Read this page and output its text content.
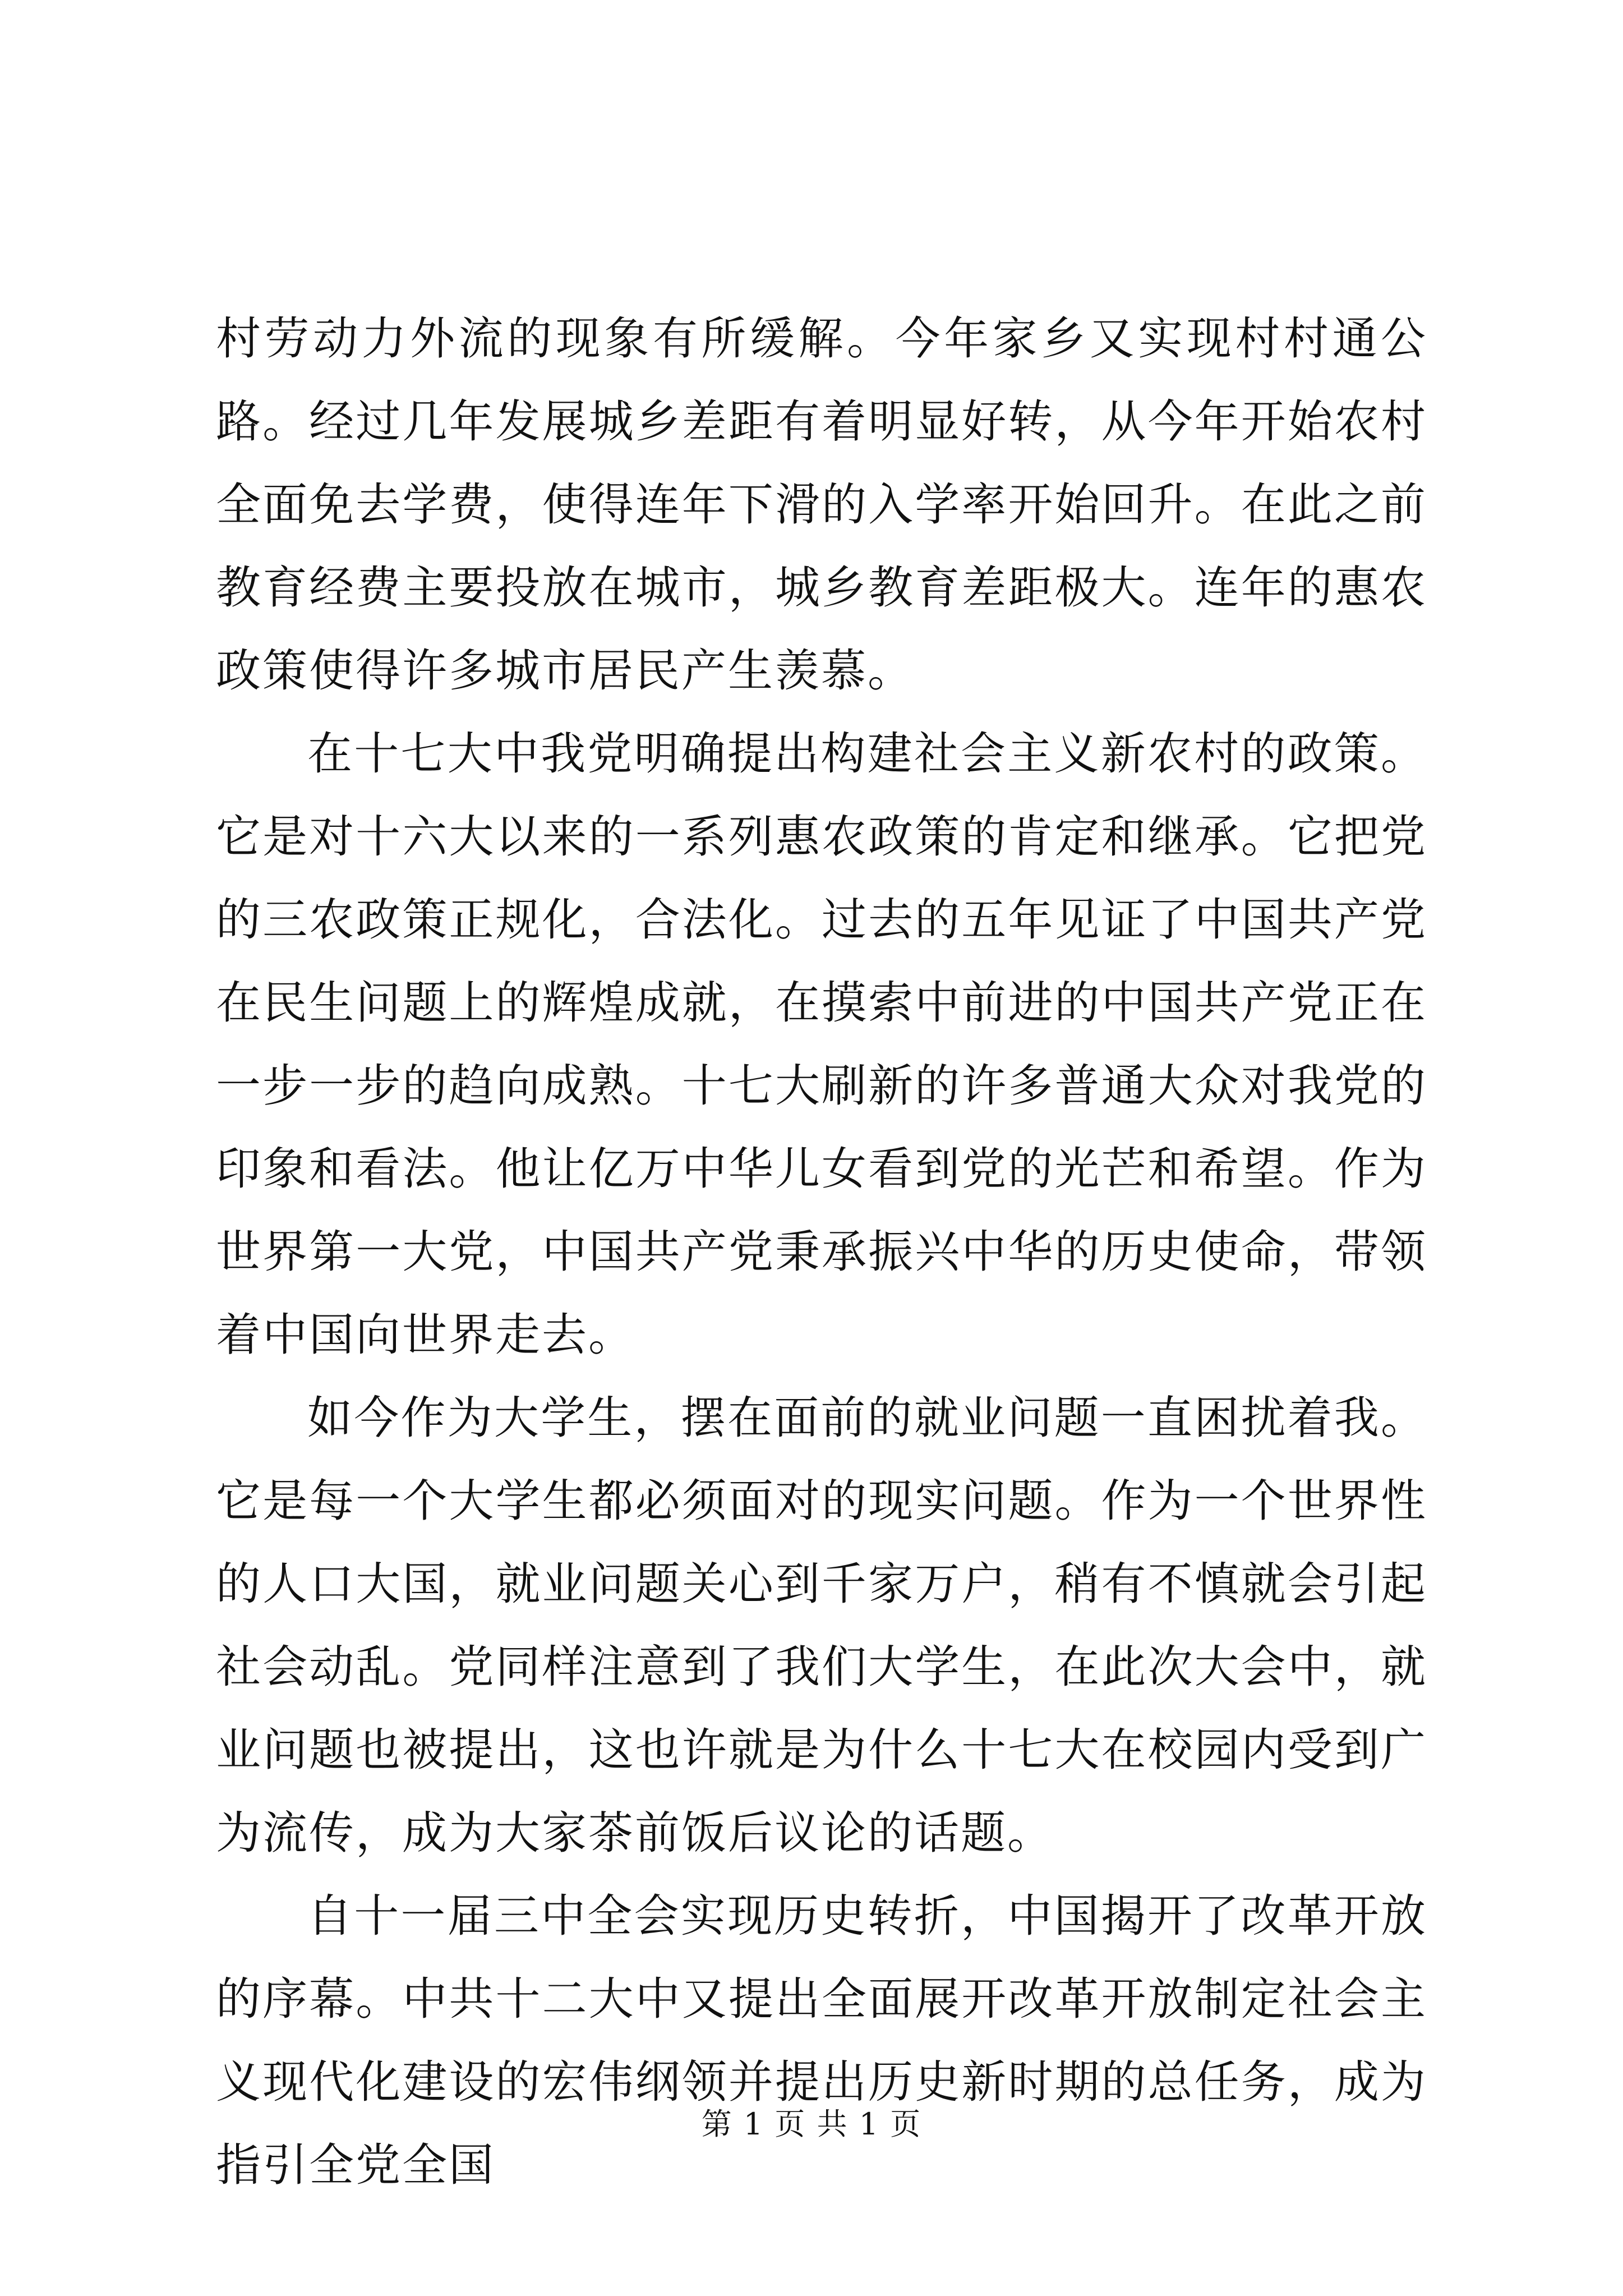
村劳动力外流的现象有所缓解。今年家乡又实现村村通公路。经过几年发展城乡差距有着明显好转，从今年开始农村全面免去学费，使得连年下滑的入学率开始回升。在此之前教育经费主要投放在城市，城乡教育差距极大。连年的惠农政策使得许多城市居民产生羡慕。

在十七大中我党明确提出构建社会主义新农村的政策。它是对十六大以来的一系列惠农政策的肯定和继承。它把党的三农政策正规化，合法化。过去的五年见证了中国共产党在民生问题上的辉煌成就，在摸索中前进的中国共产党正在一步一步的趋向成熟。十七大刷新的许多普通大众对我党的印象和看法。他让亿万中华儿女看到党的光芒和希望。作为世界第一大党，中国共产党秉承振兴中华的历史使命，带领着中国向世界走去。

如今作为大学生，摆在面前的就业问题一直困扰着我。它是每一个大学生都必须面对的现实问题。作为一个世界性的人口大国，就业问题关心到千家万户，稍有不慎就会引起社会动乱。党同样注意到了我们大学生，在此次大会中，就业问题也被提出，这也许就是为什么十七大在校园内受到广为流传，成为大家茶前饭后议论的话题。

自十一届三中全会实现历史转折，中国揭开了改革开放的序幕。中共十二大中又提出全面展开改革开放制定社会主义现代化建设的宏伟纲领并提出历史新时期的总任务，成为指引全党全国

第 1 页 共 1 页
